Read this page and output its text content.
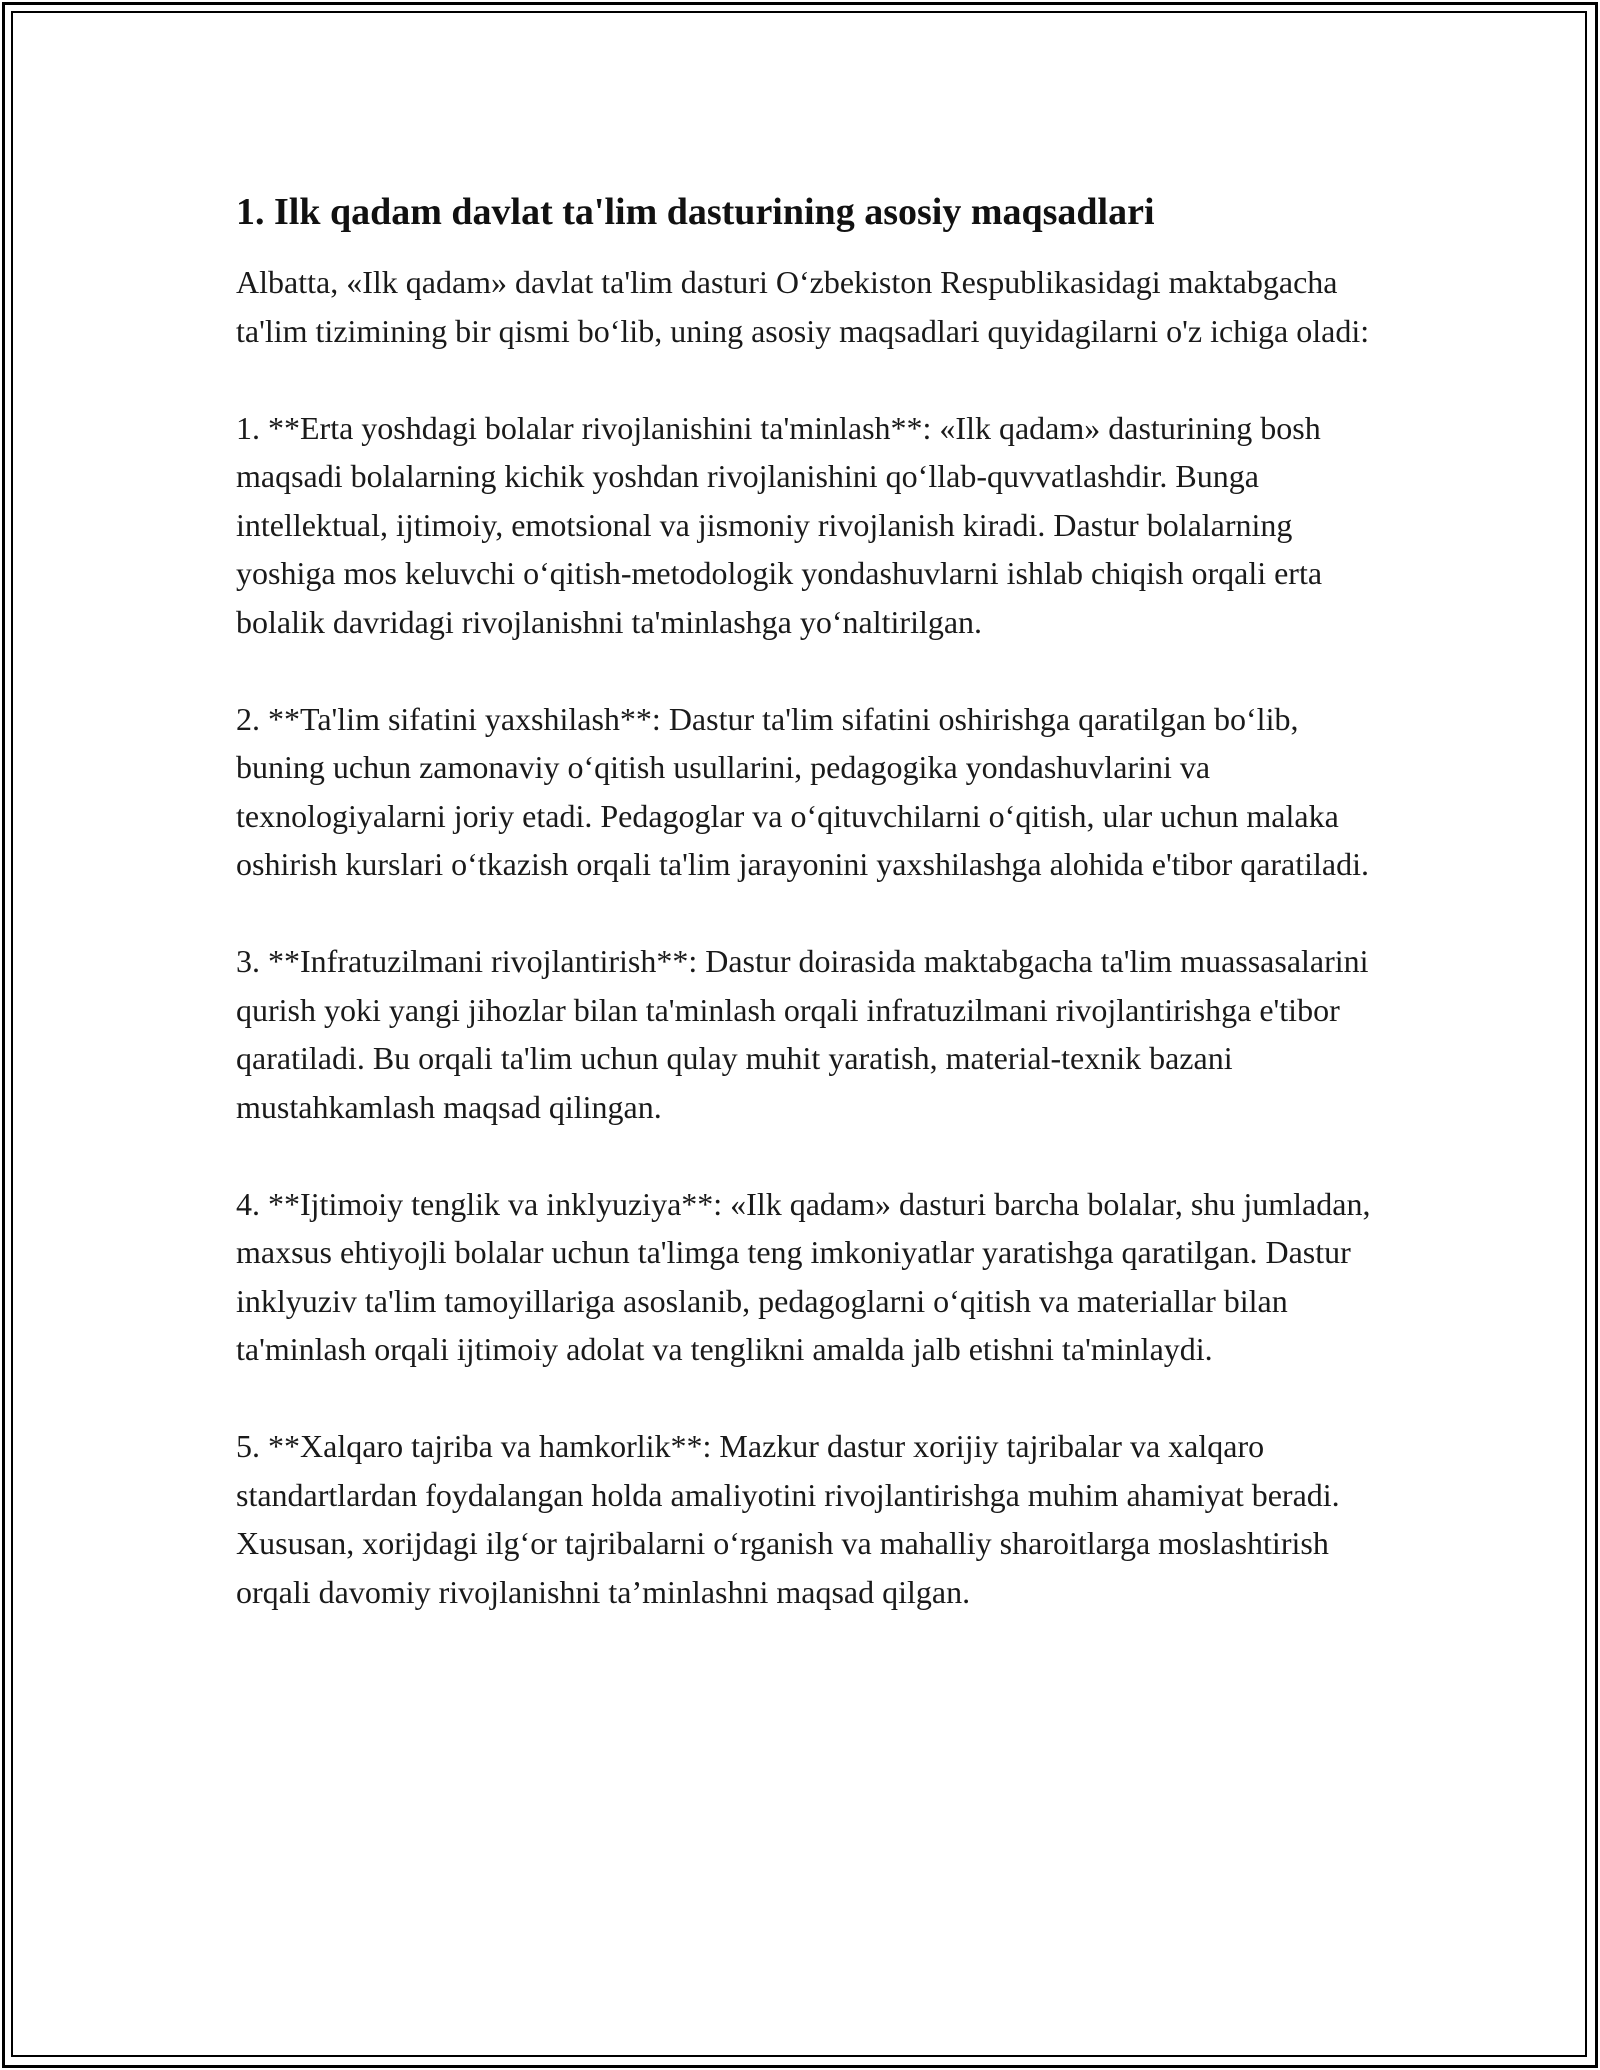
1. Ilk qadam davlat ta'lim dasturining asosiy maqsadlari

Albatta, «Ilk qadam» davlat ta'lim dasturi O‘zbekiston Respublikasidagi maktabgacha ta'lim tizimining bir qismi bo‘lib, uning asosiy maqsadlari quyidagilarni o'z ichiga oladi:

1. **Erta yoshdagi bolalar rivojlanishini ta'minlash**: «Ilk qadam» dasturining bosh maqsadi bolalarning kichik yoshdan rivojlanishini qo‘llab-quvvatlashdir. Bunga intellektual, ijtimoiy, emotsional va jismoniy rivojlanish kiradi. Dastur bolalarning yoshiga mos keluvchi o‘qitish-metodologik yondashuvlarni ishlab chiqish orqali erta bolalik davridagi rivojlanishni ta'minlashga yo‘naltirilgan.

2. **Ta'lim sifatini yaxshilash**: Dastur ta'lim sifatini oshirishga qaratilgan bo‘lib, buning uchun zamonaviy o‘qitish usullarini, pedagogika yondashuvlarini va texnologiyalarni joriy etadi. Pedagoglar va o‘qituvchilarni o‘qitish, ular uchun malaka oshirish kurslari o‘tkazish orqali ta'lim jarayonini yaxshilashga alohida e'tibor qaratiladi.

3. **Infratuzilmani rivojlantirish**: Dastur doirasida maktabgacha ta'lim muassasalarini qurish yoki yangi jihozlar bilan ta'minlash orqali infratuzilmani rivojlantirishga e'tibor qaratiladi. Bu orqali ta'lim uchun qulay muhit yaratish, material-texnik bazani mustahkamlash maqsad qilingan.

4. **Ijtimoiy tenglik va inklyuziya**: «Ilk qadam» dasturi barcha bolalar, shu jumladan, maxsus ehtiyojli bolalar uchun ta'limga teng imkoniyatlar yaratishga qaratilgan. Dastur inklyuziv ta'lim tamoyillariga asoslanib, pedagoglarni o‘qitish va materiallar bilan ta'minlash orqali ijtimoiy adolat va tenglikni amalda jalb etishni ta'minlaydi.

5. **Xalqaro tajriba va hamkorlik**: Mazkur dastur xorijiy tajribalar va xalqaro standartlardan foydalangan holda amaliyotini rivojlantirishga muhim ahamiyat beradi. Xususan, xorijdagi ilg‘or tajribalarni o‘rganish va mahalliy sharoitlarga moslashtirish orqali davomiy rivojlanishni ta’minlashni maqsad qilgan.
